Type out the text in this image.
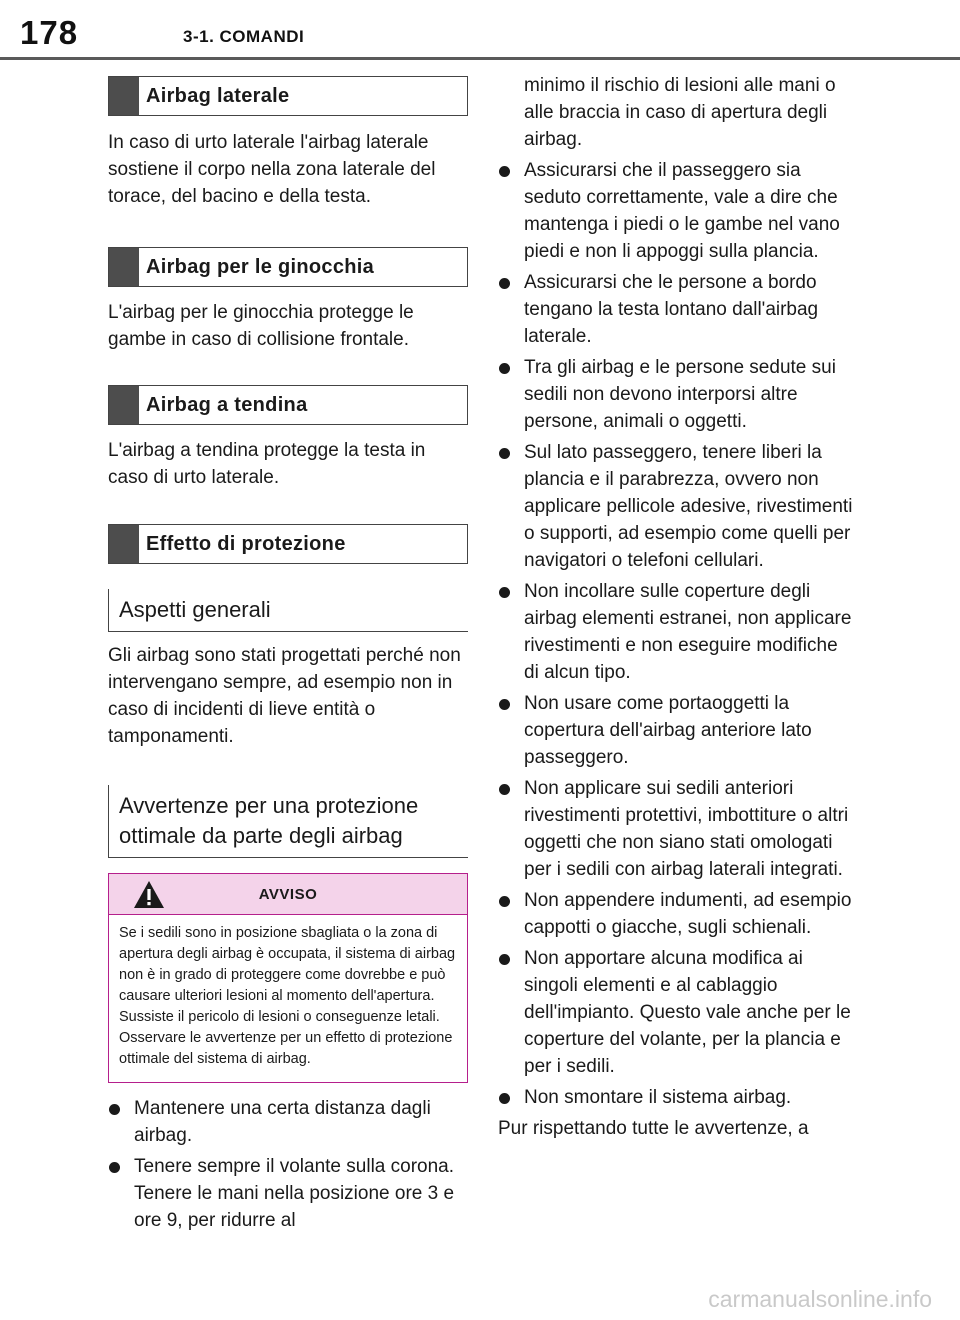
178	3-1. COMANDI
Airbag laterale

In caso di urto laterale l'airbag laterale sostiene il corpo nella zona laterale del torace, del bacino e della testa.

Airbag per le ginocchia

L'airbag per le ginocchia protegge le gambe in caso di collisione frontale.

Airbag a tendina

L'airbag a tendina protegge la testa in caso di urto laterale.

Effetto di protezione
Aspetti generali

Gli airbag sono stati progettati perché non intervengano sempre, ad esempio non in caso di incidenti di lieve entità o tamponamenti.

Avvertenze per una protezione ottimale da parte degli airbag
AVVISO
Se i sedili sono in posizione sbagliata o la zona di apertura degli airbag è occupata, il sistema di airbag non è in grado di proteggere come dovrebbe e può causare ulteriori lesioni al momento dell'apertura. Sussiste il pericolo di lesioni o conseguenze letali. Osservare le avvertenze per un effetto di protezione ottimale del sistema di airbag.
Mantenere una certa distanza dagli airbag.
Tenere sempre il volante sulla corona. Tenere le mani nella posizione ore 3 e ore 9, per ridurre al

minimo il rischio di lesioni alle mani o alle braccia in caso di apertura degli airbag.

Assicurarsi che il passeggero sia seduto correttamente, vale a dire che mantenga i piedi o le gambe nel vano piedi e non li appoggi sulla plancia.
Assicurarsi che le persone a bordo tengano la testa lontano dall'airbag laterale.
Tra gli airbag e le persone sedute sui sedili non devono interporsi altre persone, animali o oggetti.
Sul lato passeggero, tenere liberi la plancia e il parabrezza, ovvero non applicare pellicole adesive, rivestimenti o supporti, ad esempio come quelli per navigatori o telefoni cellulari.
Non incollare sulle coperture degli airbag elementi estranei, non applicare rivestimenti e non eseguire modifiche di alcun tipo.
Non usare come portaoggetti la copertura dell'airbag anteriore lato passeggero.
Non applicare sui sedili anteriori rivestimenti protettivi, imbottiture o altri oggetti che non siano stati omologati per i sedili con airbag laterali integrati.
Non appendere indumenti, ad esempio cappotti o giacche, sugli schienali.
Non apportare alcuna modifica ai singoli elementi e al cablaggio dell'impianto. Questo vale anche per le coperture del volante, per la plancia e per i sedili.
Non smontare il sistema airbag.

Pur rispettando tutte le avvertenze, a

carmanualsonline.info
